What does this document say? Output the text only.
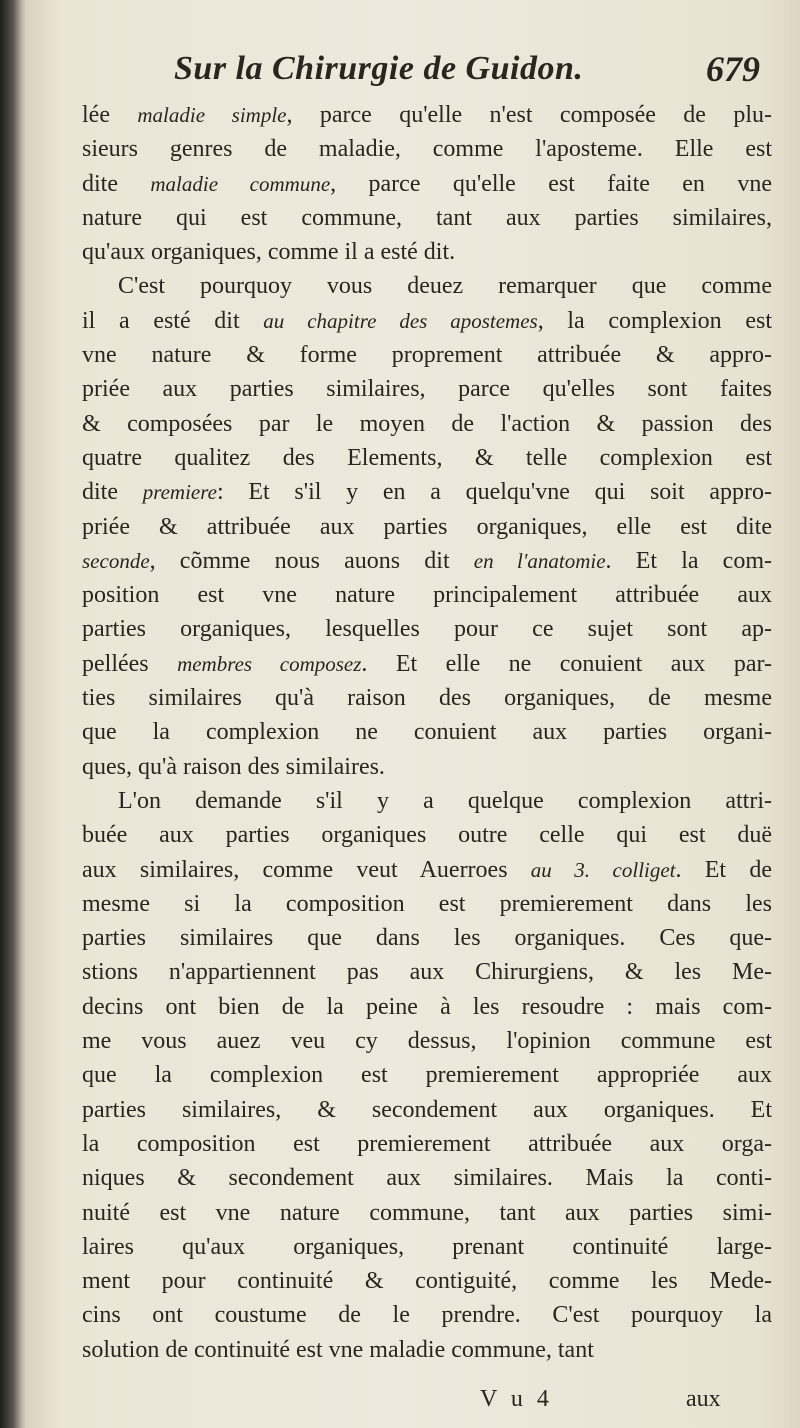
Sur la Chirurgie de Guidon.	679
lée maladie simple, parce qu'elle n'est composée de plu-
sieurs genres de maladie, comme l'aposteme. Elle est
dite maladie commune, parce qu'elle est faite en vne
nature qui est commune, tant aux parties similaires,
qu'aux organiques, comme il a esté dit.
C'est pourquoy vous deuez remarquer que comme
il a esté dit au chapitre des apostemes, la complexion est
vne nature & forme proprement attribuée & appro-
priée aux parties similaires, parce qu'elles sont faites
& composées par le moyen de l'action & passion des
quatre qualitez des Elements, & telle complexion est
dite premiere: Et s'il y en a quelqu'vne qui soit appro-
priée & attribuée aux parties organiques, elle est dite
seconde, cõmme nous auons dit en l'anatomie. Et la com-
position est vne nature principalement attribuée aux
parties organiques, lesquelles pour ce sujet sont ap-
pellées membres composez. Et elle ne conuient aux par-
ties similaires qu'à raison des organiques, de mesme
que la complexion ne conuient aux parties organi-
ques, qu'à raison des similaires.
L'on demande s'il y a quelque complexion attri-
buée aux parties organiques outre celle qui est duë
aux similaires, comme veut Auerroes au 3. colliget. Et de
mesme si la composition est premierement dans les
parties similaires que dans les organiques. Ces que-
stions n'appartiennent pas aux Chirurgiens, & les Me-
decins ont bien de la peine à les resoudre : mais com-
me vous auez veu cy dessus, l'opinion commune est
que la complexion est premierement appropriée aux
parties similaires, & secondement aux organiques. Et
la composition est premierement attribuée aux orga-
niques & secondement aux similaires. Mais la conti-
nuité est vne nature commune, tant aux parties simi-
laires qu'aux organiques, prenant continuité large-
ment pour continuité & contiguité, comme les Mede-
cins ont coustume de le prendre. C'est pourquoy la
solution de continuité est vne maladie commune, tant
V u 4	aux
